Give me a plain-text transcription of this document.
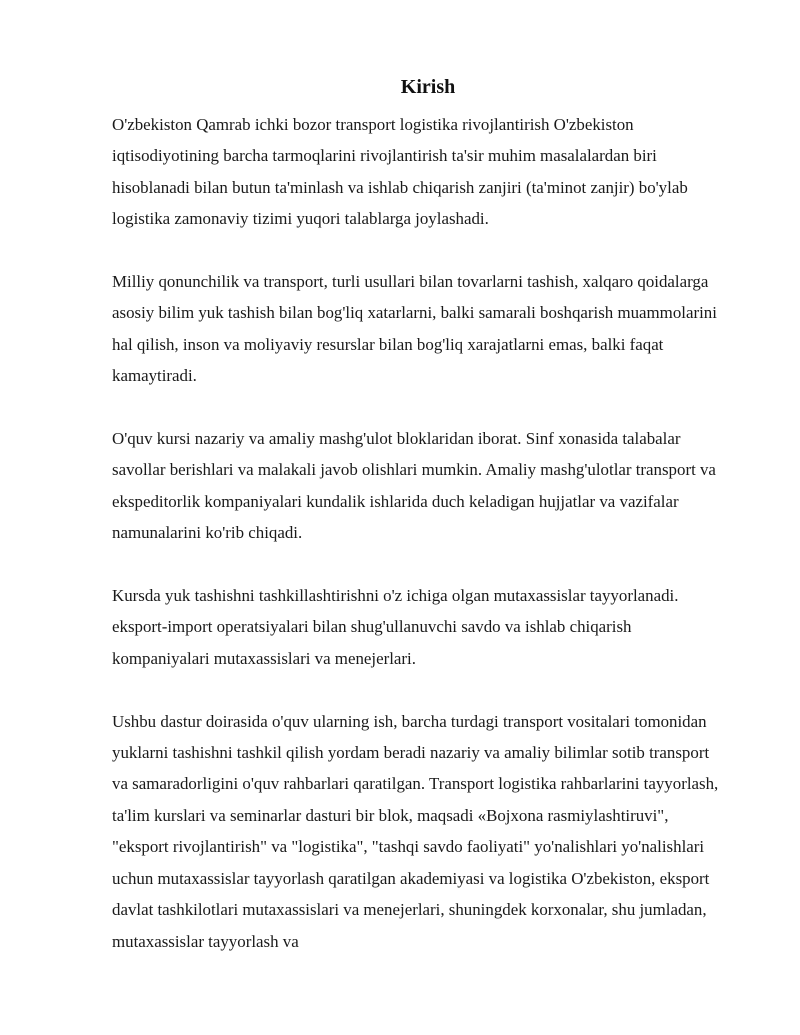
Kirish

O'zbekiston Qamrab ichki bozor transport logistika rivojlantirish O'zbekiston iqtisodiyotining barcha tarmoqlarini rivojlantirish ta'sir muhim masalalardan biri hisoblanadi bilan butun ta'minlash va ishlab chiqarish zanjiri (ta'minot zanjir) bo'ylab logistika zamonaviy tizimi yuqori talablarga joylashadi.

Milliy qonunchilik va transport, turli usullari bilan tovarlarni tashish, xalqaro qoidalarga asosiy bilim yuk tashish bilan bog'liq xatarlarni, balki samarali boshqarish muammolarini hal qilish, inson va moliyaviy resurslar bilan bog'liq xarajatlarni emas, balki faqat kamaytiradi.

O'quv kursi nazariy va amaliy mashg'ulot bloklaridan iborat. Sinf xonasida talabalar savollar berishlari va malakali javob olishlari mumkin. Amaliy mashg'ulotlar transport va ekspeditorlik kompaniyalari kundalik ishlarida duch keladigan hujjatlar va vazifalar namunalarini ko'rib chiqadi.

Kursda yuk tashishni tashkillashtirishni o'z ichiga olgan mutaxassislar tayyorlanadi. eksport-import operatsiyalari bilan shug'ullanuvchi savdo va ishlab chiqarish kompaniyalari mutaxassislari va menejerlari.

Ushbu dastur doirasida o'quv ularning ish, barcha turdagi transport vositalari tomonidan yuklarni tashishni tashkil qilish yordam beradi nazariy va amaliy bilimlar sotib transport va samaradorligini o'quv rahbarlari qaratilgan. Transport logistika rahbarlarini tayyorlash, ta'lim kurslari va seminarlar dasturi bir blok, maqsadi «Bojxona rasmiylashtiruvi", "eksport rivojlantirish" va "logistika", "tashqi savdo faoliyati" yo'nalishlari yo'nalishlari uchun mutaxassislar tayyorlash qaratilgan akademiyasi va logistika O'zbekiston, eksport davlat tashkilotlari mutaxassislari va menejerlari, shuningdek korxonalar, shu jumladan, mutaxassislar tayyorlash va
